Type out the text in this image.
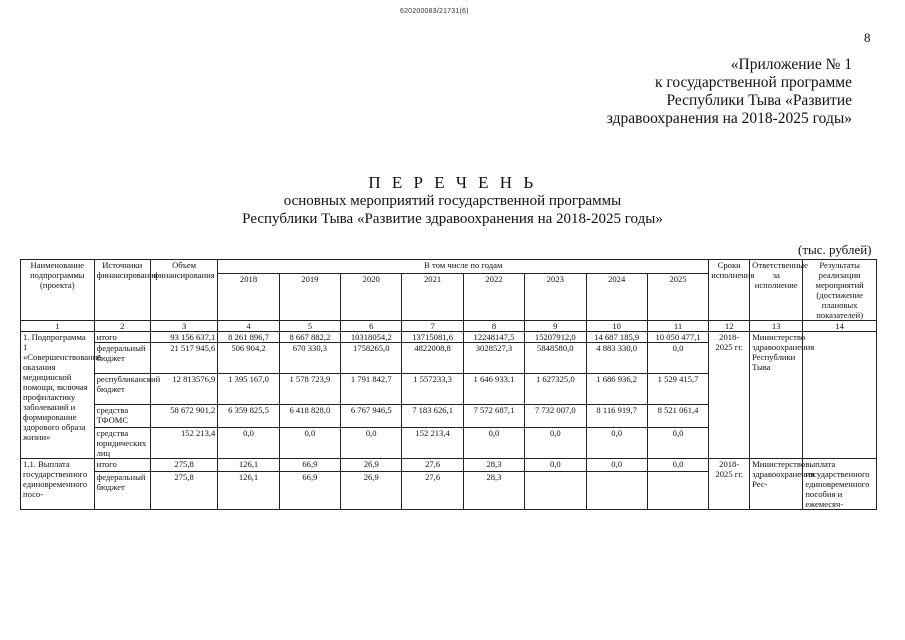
620200083/21731(6)
8
«Приложение № 1
к государственной программе
Республики Тыва «Развитие
здравоохранения на 2018-2025 годы»
П Е Р Е Ч Е Н Ь
основных мероприятий государственной программы
Республики Тыва «Развитие здравоохранения на 2018-2025 годы»
(тыс. рублей)
Наименование подпрограммы (проекта)	Источники финансирования	Объем финансирования	В том числе по годам								Сроки исполнения	Ответственные за исполнение	Результаты реализации мероприятий (достижение плановых показателей)
			2018	2019	2020	2021	2022	2023	2024	2025			
1	2	3	4	5	6	7	8	9	10	11	12	13	14
1. Подпрограмма 1 «Совершенствование оказания медицинской помощи, включая профилактику заболеваний и формирование здорового образа жизни»	итого	93 156 637,1	8 261 896,7	8 667 882,2	10318054,2	13715081,6	12248147,5	15207912,0	14 687 185,9	10 050 477,1	2018-2025 гг.	Министерство здравоохранения Республики Тыва	
	федеральный бюджет	21 517 945,6	506 904,2	670 330,3	1758265,0	4822008,8	3028527,3	5848580,0	4 883 330,0	0,0			
	республиканский бюджет	12 813576,9	1 395 167,0	1 578 723,9	1 791 842,7	1 557233,3	1 646 933.1	1 627325,0	1 686 936,2	1 529 415,7			
	средства ТФОМС	58 672 901,2	6 359 825,5	6 418 828,0	6 767 946,5	7 183 626,1	7 572 687,1	7 732 007,0	8 116 919,7	8 521 061,4			
	средства юридических лиц	152 213,4	0,0	0,0	0,0	152 213,4	0,0	0,0	0,0	0,0			
1.1. Выплата государственного единовременного посо-	итого	275,8	126,1	66,9	26,9	27,6	28,3	0,0	0,0	0,0	2018-2025 гг.	Министерство здравоохранения Рес-	выплата государственного единовременного пособия и ежемесяч-
	федеральный бюджет	275,8	126,1	66,9	26,9	27,6	28,3						
